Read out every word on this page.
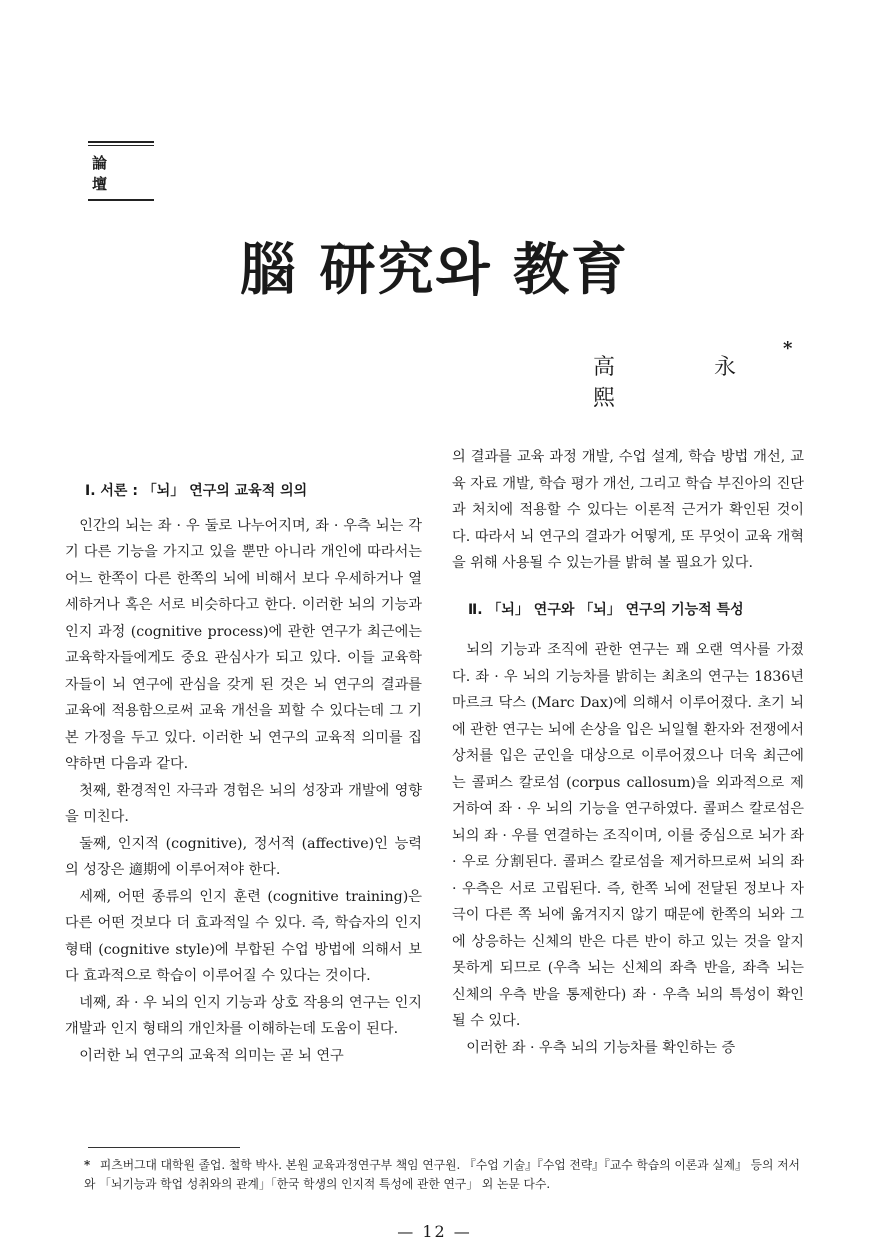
論 壇
腦 研究와 教育
高 永 熙
*

Ⅰ. 서론 : 「뇌」 연구의 교육적 의의

인간의 뇌는 좌 · 우 둘로 나누어지며, 좌 · 우측 뇌는 각기 다른 기능을 가지고 있을 뿐만 아니라 개인에 따라서는 어느 한쪽이 다른 한쪽의 뇌에 비해서 보다 우세하거나 열세하거나 혹은 서로 비슷하다고 한다. 이러한 뇌의 기능과 인지 과정 (cognitive process)에 관한 연구가 최근에는 교육학자들에게도 중요 관심사가 되고 있다. 이들 교육학자들이 뇌 연구에 관심을 갖게 된 것은 뇌 연구의 결과를 교육에 적용함으로써 교육 개선을 꾀할 수 있다는데 그 기본 가정을 두고 있다. 이러한 뇌 연구의 교육적 의미를 집약하면 다음과 같다.

첫째, 환경적인 자극과 경험은 뇌의 성장과 개발에 영향을 미친다.

둘째, 인지적 (cognitive), 정서적 (affective)인 능력의 성장은 適期에 이루어져야 한다.

세째, 어떤 종류의 인지 훈련 (cognitive training)은 다른 어떤 것보다 더 효과적일 수 있다. 즉, 학습자의 인지 형태 (cognitive style)에 부합된 수업 방법에 의해서 보다 효과적으로 학습이 이루어질 수 있다는 것이다.

네째, 좌 · 우 뇌의 인지 기능과 상호 작용의 연구는 인지 개발과 인지 형태의 개인차를 이해하는데 도움이 된다.

이러한 뇌 연구의 교육적 의미는 곧 뇌 연구

의 결과를 교육 과정 개발, 수업 설계, 학습 방법 개선, 교육 자료 개발, 학습 평가 개선, 그리고 학습 부진아의 진단과 처치에 적용할 수 있다는 이론적 근거가 확인된 것이다. 따라서 뇌 연구의 결과가 어떻게, 또 무엇이 교육 개혁을 위해 사용될 수 있는가를 밝혀 볼 필요가 있다.

Ⅱ. 「뇌」 연구와 「뇌」 연구의 기능적 특성

뇌의 기능과 조직에 관한 연구는 꽤 오랜 역사를 가졌다. 좌 · 우 뇌의 기능차를 밝히는 최초의 연구는 1836년 마르크 닥스 (Marc Dax)에 의해서 이루어졌다. 초기 뇌에 관한 연구는 뇌에 손상을 입은 뇌일혈 환자와 전쟁에서 상처를 입은 군인을 대상으로 이루어졌으나 더욱 최근에는 콜퍼스 칼로섬 (corpus callosum)을 외과적으로 제거하여 좌 · 우 뇌의 기능을 연구하였다. 콜퍼스 칼로섬은 뇌의 좌 · 우를 연결하는 조직이며, 이를 중심으로 뇌가 좌 · 우로 分割된다. 콜퍼스 칼로섬을 제거하므로써 뇌의 좌 · 우측은 서로 고립된다. 즉, 한쪽 뇌에 전달된 정보나 자극이 다른 쪽 뇌에 옮겨지지 않기 때문에 한쪽의 뇌와 그에 상응하는 신체의 반은 다른 반이 하고 있는 것을 알지 못하게 되므로 (우측 뇌는 신체의 좌측 반을, 좌측 뇌는 신체의 우측 반을 통제한다) 좌 · 우측 뇌의 특성이 확인될 수 있다.

이러한 좌 · 우측 뇌의 기능차를 확인하는 증

* 피츠버그대 대학원 졸업. 철학 박사. 본원 교육과정연구부 책임 연구원. 『수업 기술』『수업 전략』『교수 학습의 이론과 실제』 등의 저서와 「뇌기능과 학업 성취와의 관계」「한국 학생의 인지적 특성에 관한 연구」 외 논문 다수.
— 12 —
